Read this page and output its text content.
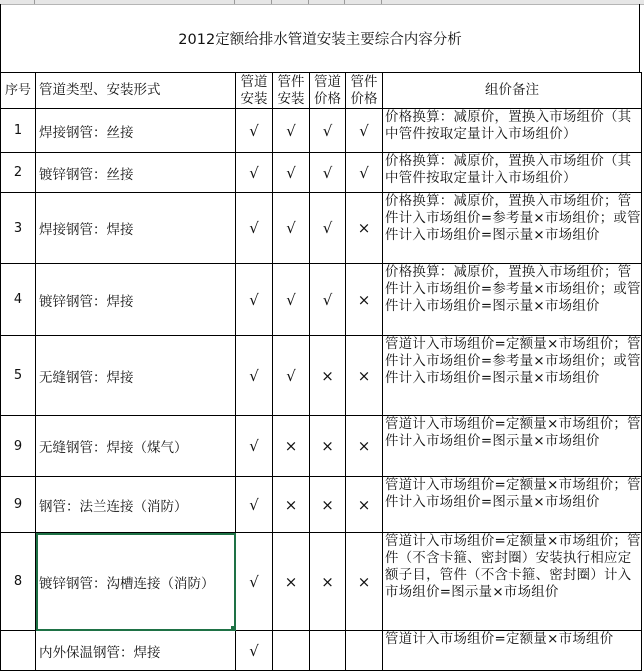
2012定额给排水管道安装主要综合内容分析
序号	管道类型、安装形式	管道安装	管件安装	管道价格	管件价格	组价备注
1	焊接钢管：丝接	√	√	√	√	价格换算：减原价，置换入市场组价（其中管件按取定量计入市场组价）
2	镀锌钢管：丝接	√	√	√	√	价格换算：减原价，置换入市场组价（其中管件按取定量计入市场组价）
3	焊接钢管：焊接	√	√	√	×	价格换算：减原价，置换入市场组价；管件计入市场组价=参考量×市场组价；或管件计入市场组价=图示量×市场组价
4	镀锌钢管：焊接	√	√	√	×	价格换算：减原价，置换入市场组价；管件计入市场组价=参考量×市场组价；或管件计入市场组价=图示量×市场组价
5	无缝钢管：焊接	√	√	×	×	管道计入市场组价=定额量×市场组价；管件计入市场组价=参考量×市场组价；或管件计入市场组价=图示量×市场组价
9	无缝钢管：焊接（煤气）	√	×	×	×	管道计入市场组价=定额量×市场组价；管件计入市场组价=图示量×市场组价
9	钢管：法兰连接（消防）	√	×	×	×	管道计入市场组价=定额量×市场组价；管件计入市场组价=图示量×市场组价
8	镀锌钢管：沟槽连接（消防）	√	×	×	×	管道计入市场组价=定额量×市场组价；管件（不含卡箍、密封圈）安装执行相应定额子目，管件（不含卡箍、密封圈）计入市场组价=图示量×市场组价
	内外保温钢管：焊接	√				管道计入市场组价=定额量×市场组价
